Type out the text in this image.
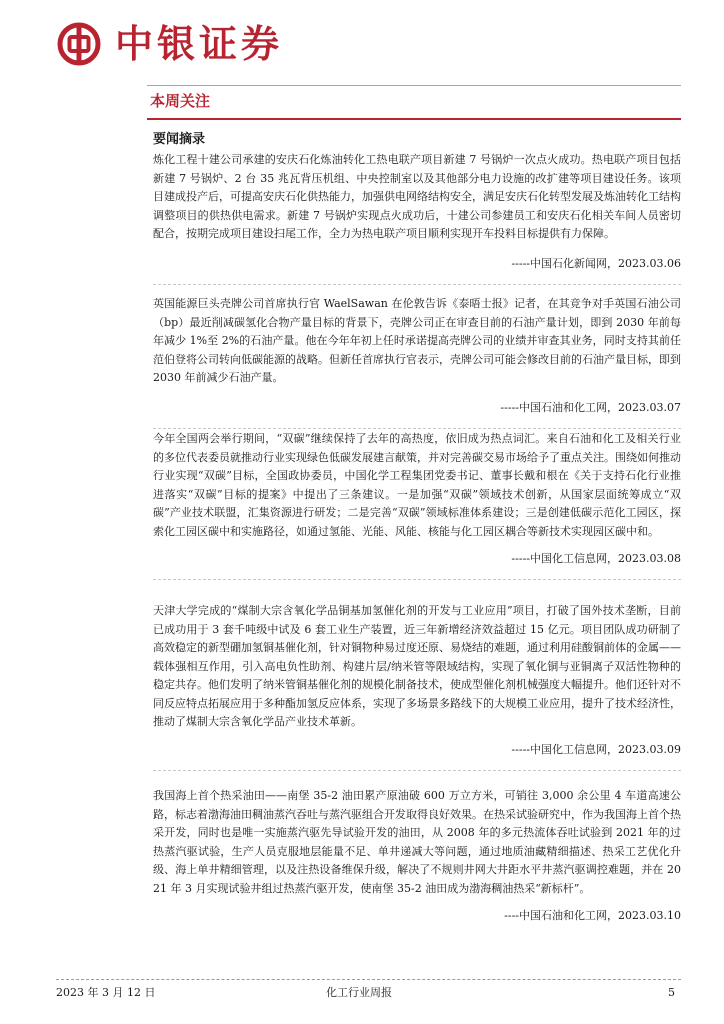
中银证券
本周关注
要闻摘录

炼化工程十建公司承建的安庆石化炼油转化工热电联产项目新建 7 号锅炉一次点火成功。热电联产项目包括新建 7 号锅炉、2 台 35 兆瓦背压机组、中央控制室以及其他部分电力设施的改扩建等项目建设任务。该项目建成投产后，可提高安庆石化供热能力，加强供电网络结构安全，满足安庆石化转型发展及炼油转化工结构调整项目的供热供电需求。新建 7 号锅炉实现点火成功后，十建公司参建员工和安庆石化相关车间人员密切配合，按期完成项目建设扫尾工作，全力为热电联产项目顺利实现开车投料目标提供有力保障。

-----中国石化新闻网，2023.03.06

英国能源巨头壳牌公司首席执行官 WaelSawan 在伦敦告诉《泰晤士报》记者，在其竞争对手英国石油公司（bp）最近削减碳氢化合物产量目标的背景下，壳牌公司正在审查目前的石油产量计划，即到 2030 年前每年减少 1%至 2%的石油产量。他在今年年初上任时承诺提高壳牌公司的业绩并审查其业务，同时支持其前任范伯登将公司转向低碳能源的战略。但新任首席执行官表示，壳牌公司可能会修改目前的石油产量目标，即到 2030 年前减少石油产量。

-----中国石油和化工网，2023.03.07

今年全国两会举行期间，“双碳”继续保持了去年的高热度，依旧成为热点词汇。来自石油和化工及相关行业的多位代表委员就推动行业实现绿色低碳发展建言献策，并对完善碳交易市场给予了重点关注。围绕如何推动行业实现“双碳”目标，全国政协委员，中国化学工程集团党委书记、董事长戴和根在《关于支持石化行业推进落实“双碳”目标的提案》中提出了三条建议。一是加强“双碳”领域技术创新，从国家层面统筹成立“双碳”产业技术联盟，汇集资源进行研发；二是完善“双碳”领域标准体系建设；三是创建低碳示范化工园区，探索化工园区碳中和实施路径，如通过氢能、光能、风能、核能与化工园区耦合等新技术实现园区碳中和。

-----中国化工信息网，2023.03.08

天津大学完成的“煤制大宗含氧化学品铜基加氢催化剂的开发与工业应用”项目，打破了国外技术垄断，目前已成功用于 3 套千吨级中试及 6 套工业生产装置，近三年新增经济效益超过 15 亿元。项目团队成功研制了高效稳定的新型硼加氢铜基催化剂，针对铜物种易过度还原、易烧结的难题，通过利用硅酸铜前体的金属——载体强相互作用，引入高电负性助剂、构建片层/纳米管等限域结构，实现了氧化铜与亚铜离子双活性物种的稳定共存。他们发明了纳米管铜基催化剂的规模化制备技术，使成型催化剂机械强度大幅提升。他们还针对不同反应特点拓展应用于多种酯加氢反应体系，实现了多场景多路线下的大规模工业应用，提升了技术经济性，推动了煤制大宗含氧化学品产业技术革新。

-----中国化工信息网，2023.03.09

我国海上首个热采油田——南堡 35-2 油田累产原油破 600 万立方米，可销往 3,000 余公里 4 车道高速公路，标志着渤海油田稠油蒸汽吞吐与蒸汽驱组合开发取得良好效果。在热采试验研究中，作为我国海上首个热采开发，同时也是唯一实施蒸汽驱先导试验开发的油田，从 2008 年的多元热流体吞吐试验到 2021 年的过热蒸汽驱试验，生产人员克服地层能量不足、单井递减大等问题，通过地质油藏精细描述、热采工艺优化升级、海上单井精细管理，以及注热设备维保升级，解决了不规则井网大井距水平井蒸汽驱调控难题，并在 2021 年 3 月实现试验井组过热蒸汽驱开发，使南堡 35-2 油田成为渤海稠油热采“新标杆”。

----中国石油和化工网，2023.03.10

2023 年 3 月 12 日	化工行业周报	5
